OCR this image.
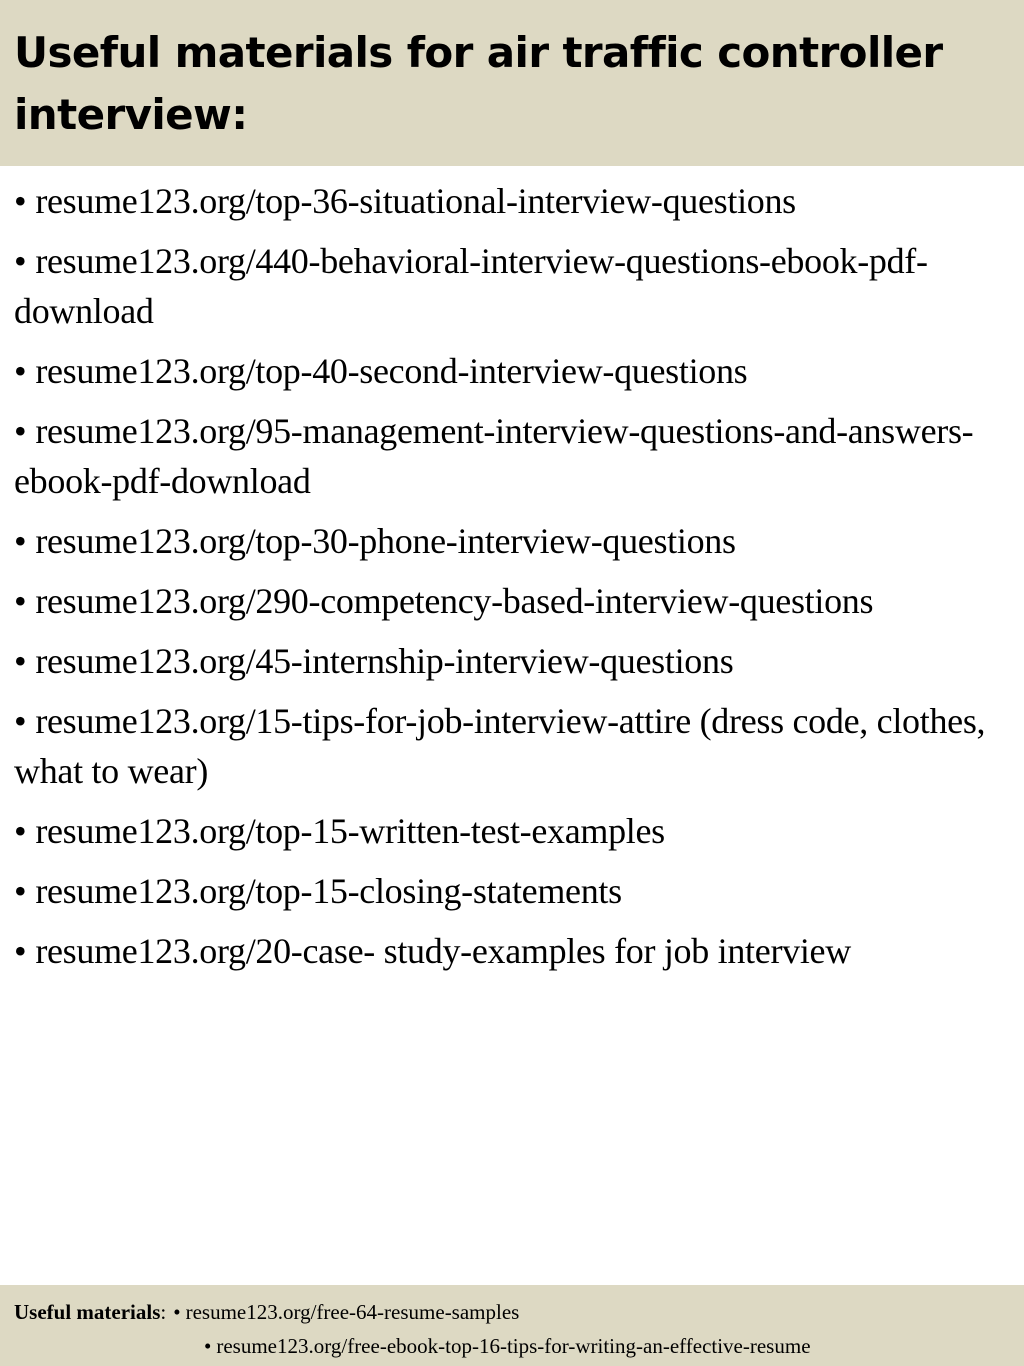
Useful materials for air traffic controller interview:
• resume123.org/top-36-situational-interview-questions
• resume123.org/440-behavioral-interview-questions-ebook-pdf-download
• resume123.org/top-40-second-interview-questions
• resume123.org/95-management-interview-questions-and-answers-ebook-pdf-download
• resume123.org/top-30-phone-interview-questions
• resume123.org/290-competency-based-interview-questions
• resume123.org/45-internship-interview-questions
• resume123.org/15-tips-for-job-interview-attire (dress code, clothes, what to wear)
• resume123.org/top-15-written-test-examples
• resume123.org/top-15-closing-statements
• resume123.org/20-case- study-examples for job interview
Useful materials : • resume123.org/free-64-resume-samples
• resume123.org/free-ebook-top-16-tips-for-writing-an-effective-resume
